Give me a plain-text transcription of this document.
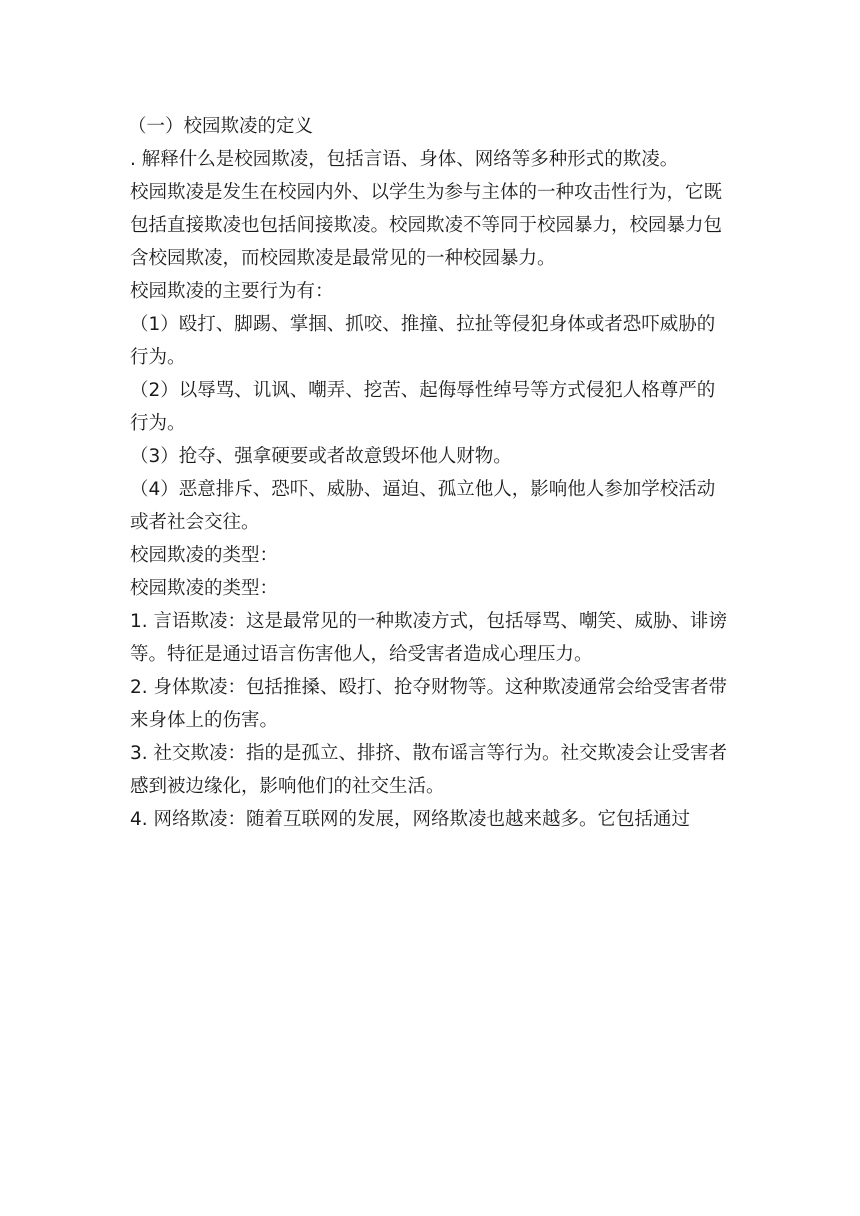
（一）校园欺凌的定义

. 解释什么是校园欺凌，包括言语、身体、网络等多种形式的欺凌。

校园欺凌是发生在校园内外、以学生为参与主体的一种攻击性行为，它既包括直接欺凌也包括间接欺凌。校园欺凌不等同于校园暴力，校园暴力包含校园欺凌，而校园欺凌是最常见的一种校园暴力。

校园欺凌的主要行为有：

（1）殴打、脚踢、掌掴、抓咬、推撞、拉扯等侵犯身体或者恐吓威胁的行为。

（2）以辱骂、讥讽、嘲弄、挖苦、起侮辱性绰号等方式侵犯人格尊严的行为。

（3）抢夺、强拿硬要或者故意毁坏他人财物。

（4）恶意排斥、恐吓、威胁、逼迫、孤立他人，影响他人参加学校活动或者社会交往。

校园欺凌的类型：

校园欺凌的类型：

1. 言语欺凌：这是最常见的一种欺凌方式，包括辱骂、嘲笑、威胁、诽谤等。特征是通过语言伤害他人，给受害者造成心理压力。

2. 身体欺凌：包括推搡、殴打、抢夺财物等。这种欺凌通常会给受害者带来身体上的伤害。

3. 社交欺凌：指的是孤立、排挤、散布谣言等行为。社交欺凌会让受害者感到被边缘化，影响他们的社交生活。

4. 网络欺凌：随着互联网的发展，网络欺凌也越来越多。它包括通过
